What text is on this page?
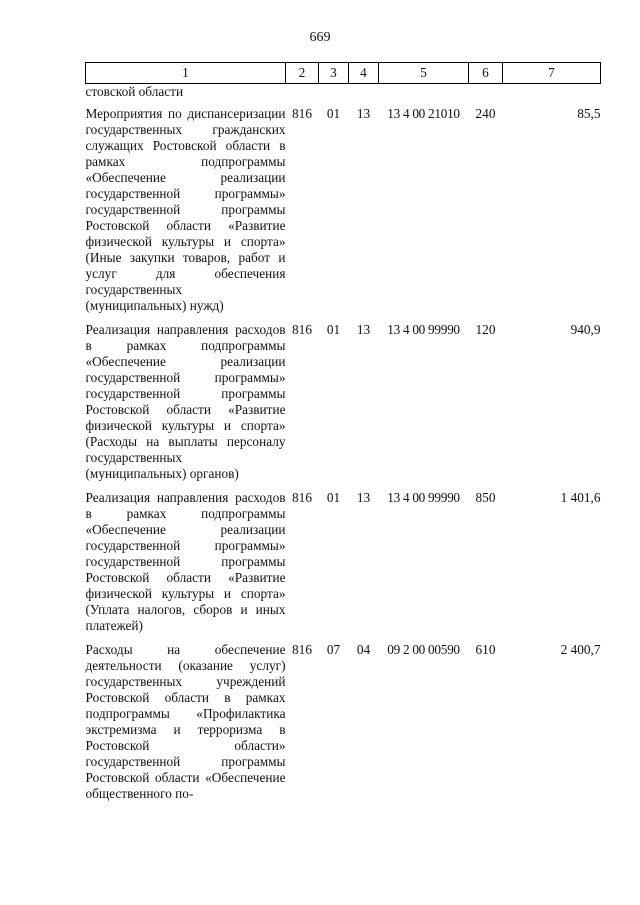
669
1	2	3	4	5	6	7
стовской области						
Мероприятия по диспансеризации государственных гражданских служащих Ростовской области в рамках подпрограммы «Обеспечение реализации государственной программы» государственной программы Ростовской области «Развитие физической культуры и спорта» (Иные закупки товаров, работ и услуг для обеспечения государственных (муниципальных) нужд)	816	01	13	13 4 00 21010	240	85,5
Реализация направления расходов в рамках подпрограммы «Обеспечение реализации государственной программы» государственной программы Ростовской области «Развитие физической культуры и спорта» (Расходы на выплаты персоналу государственных (муниципальных) органов)	816	01	13	13 4 00 99990	120	940,9
Реализация направления расходов в рамках подпрограммы «Обеспечение реализации государственной программы» государственной программы Ростовской области «Развитие физической культуры и спорта» (Уплата налогов, сборов и иных платежей)	816	01	13	13 4 00 99990	850	1 401,6
Расходы на обеспечение деятельности (оказание услуг) государственных учреждений Ростовской области в рамках подпрограммы «Профилактика экстремизма и терроризма в Ростовской области» государственной программы Ростовской области «Обеспечение общественного по-	816	07	04	09 2 00 00590	610	2 400,7
